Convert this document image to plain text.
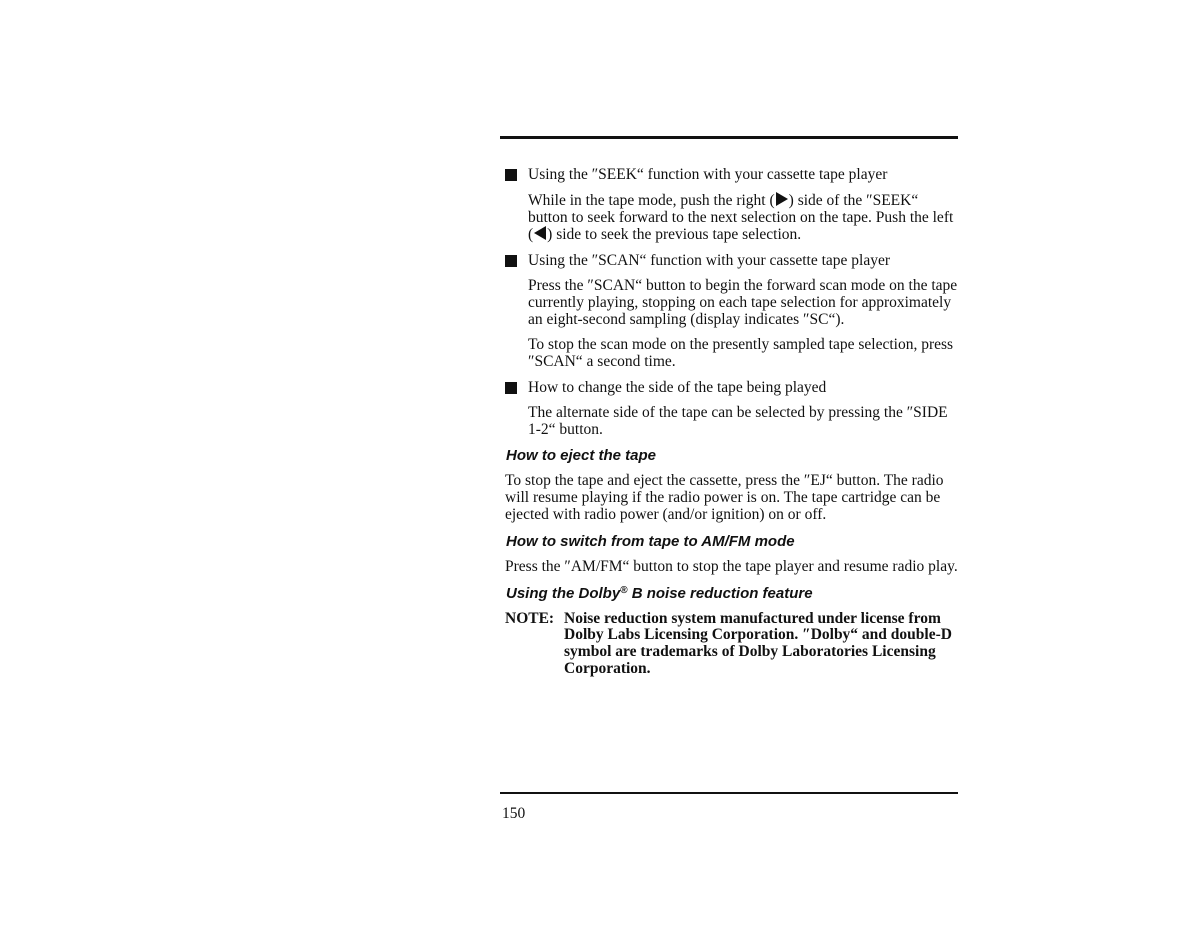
Using the ″SEEK“ function with your cassette tape player

While in the tape mode, push the right ( ) side of the ″SEEK“ button to seek forward to the next selection on the tape. Push the left ( ) side to seek the previous tape selection.

Using the ″SCAN“ function with your cassette tape player

Press the ″SCAN“ button to begin the forward scan mode on the tape currently playing, stopping on each tape selection for approximately an eight-second sampling (display indicates ″SC“).

To stop the scan mode on the presently sampled tape selection, press ″SCAN“ a second time.

How to change the side of the tape being played

The alternate side of the tape can be selected by pressing the ″SIDE 1-2“ button.

How to eject the tape

To stop the tape and eject the cassette, press the ″EJ“ button. The radio will resume playing if the radio power is on. The tape cartridge can be ejected with radio power (and/or ignition) on or off.

How to switch from tape to AM/FM mode

Press the ″AM/FM“ button to stop the tape player and resume radio play.

Using the Dolby® B noise reduction feature
NOTE: Noise reduction system manufactured under license from Dolby Labs Licensing Corporation. ″Dolby“ and double-D symbol are trademarks of Dolby Laboratories Licensing Corporation.
150
